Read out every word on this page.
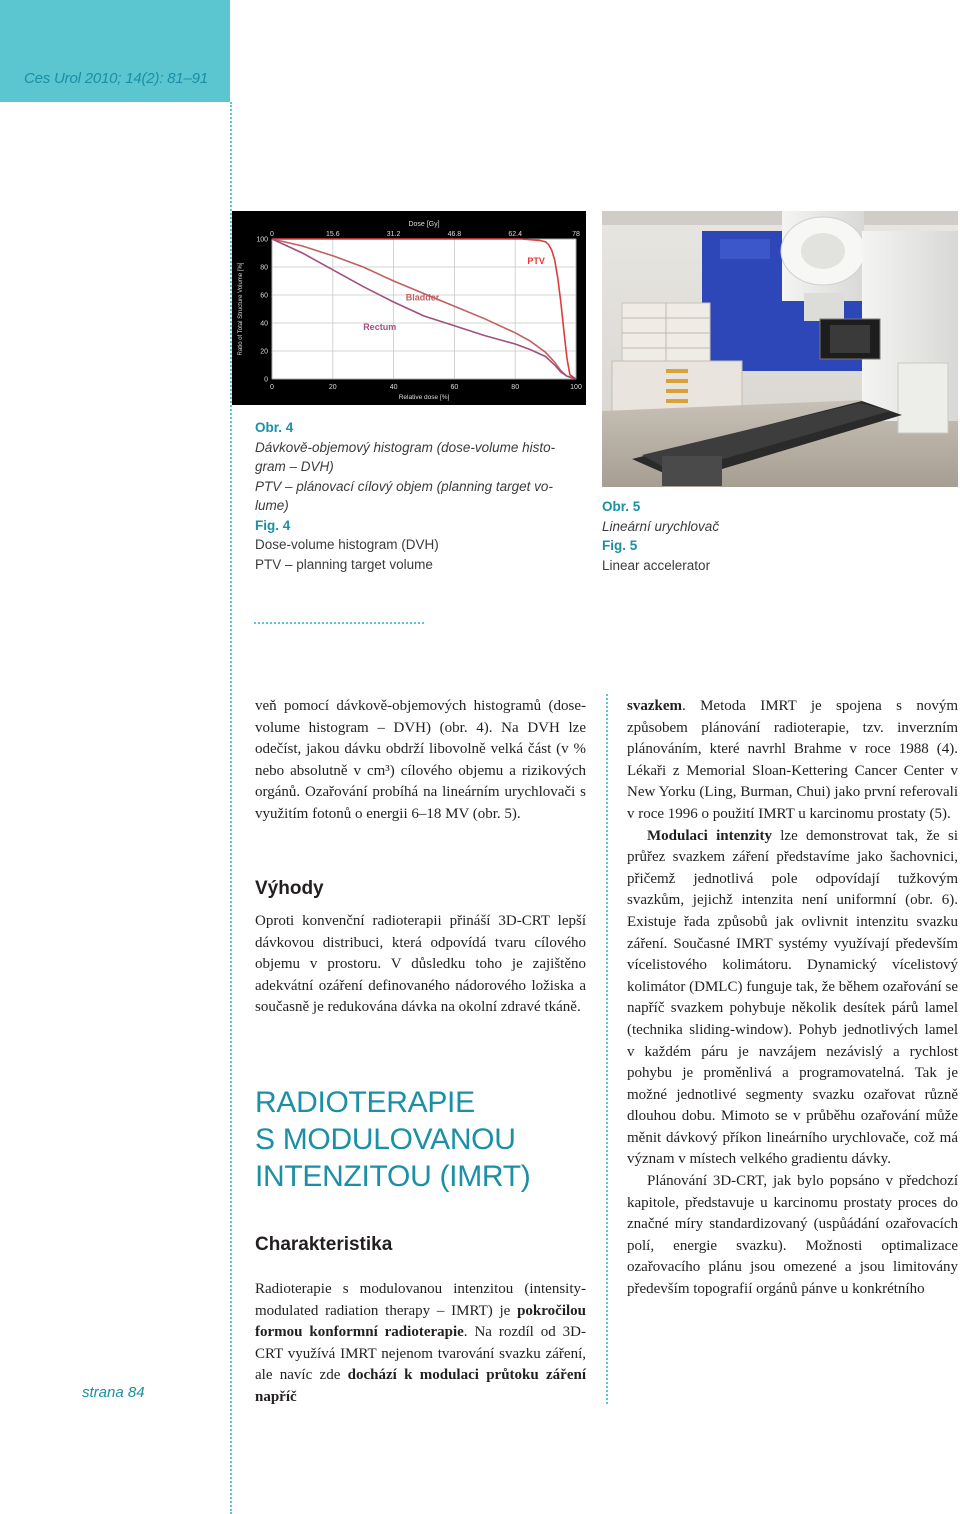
Ces Urol 2010; 14(2): 81–91
strana 84
0	20	40	60	80	100
0	15.6	31.2	46.8	62.4	78
100
80
60
40
20
0
Dose [Gy]
Relative dose [%]
Ratio of Total Structure Volume [%]
PTV
Bladder
Rectum
Obr. 4
Dávkově-objemový histogram (dose-volume histo-
gram – DVH)
PTV – plánovací cílový objem (planning target vo-
lume)
Fig. 4
Dose-volume histogram (DVH)
PTV – planning target volume
Obr. 5
Lineární urychlovač
Fig. 5
Linear accelerator

veň pomocí dávkově-objemových histogramů (dose-volume histogram – DVH) (obr. 4). Na DVH lze odečíst, jakou dávku obdrží libovolně velká část (v % nebo absolutně v cm³) cílového objemu a rizikových orgánů. Ozařování probíhá na lineárním urychlovači s využitím fotonů o energii 6–18 MV (obr. 5).

Výhody

Oproti konvenční radioterapii přináší 3D-CRT lepší dávkovou distribuci, která odpovídá tvaru cílového objemu v prostoru. V důsledku toho je zajištěno adekvátní ozáření definovaného nádorového ložiska a současně je redukována dávka na okolní zdravé tkáně.

RADIOTERAPIE
S MODULOVANOU
INTENZITOU (IMRT)
Charakteristika

Radioterapie s modulovanou intenzitou (intensity-modulated radiation therapy – IMRT) je pokročilou formou konformní radioterapie. Na rozdíl od 3D-CRT využívá IMRT nejenom tvarování svazku záření, ale navíc zde dochází k modulaci průtoku záření napříč

svazkem. Metoda IMRT je spojena s novým způsobem plánování radioterapie, tzv. inverzním plánováním, které navrhl Brahme v roce 1988 (4). Lékaři z Memorial Sloan-Kettering Cancer Center v New Yorku (Ling, Burman, Chui) jako první referovali v roce 1996 o použití IMRT u karcinomu prostaty (5).

Modulaci intenzity lze demonstrovat tak, že si průřez svazkem záření představíme jako šachovnici, přičemž jednotlivá pole odpovídají tužkovým svazkům, jejichž intenzita není uniformní (obr. 6). Existuje řada způsobů jak ovlivnit intenzitu svazku záření. Současné IMRT systémy využívají především vícelistového kolimátoru. Dynamický vícelistový kolimátor (DMLC) funguje tak, že během ozařování se napříč svazkem pohybuje několik desítek párů lamel (technika sliding-window). Pohyb jednotlivých lamel v každém páru je navzájem nezávislý a rychlost pohybu je proměnlivá a programovatelná. Tak je možné jednotlivé segmenty svazku ozařovat různě dlouhou dobu. Mimoto se v průběhu ozařování může měnit dávkový příkon lineárního urychlovače, což má význam v místech velkého gradientu dávky.

Plánování 3D-CRT, jak bylo popsáno v předchozí kapitole, představuje u karcinomu prostaty proces do značné míry standardizovaný (uspůádání ozařovacích polí, energie svazku). Možnosti optimalizace ozařovacího plánu jsou omezené a jsou limitovány především topografií orgánů pánve u konkrétního
